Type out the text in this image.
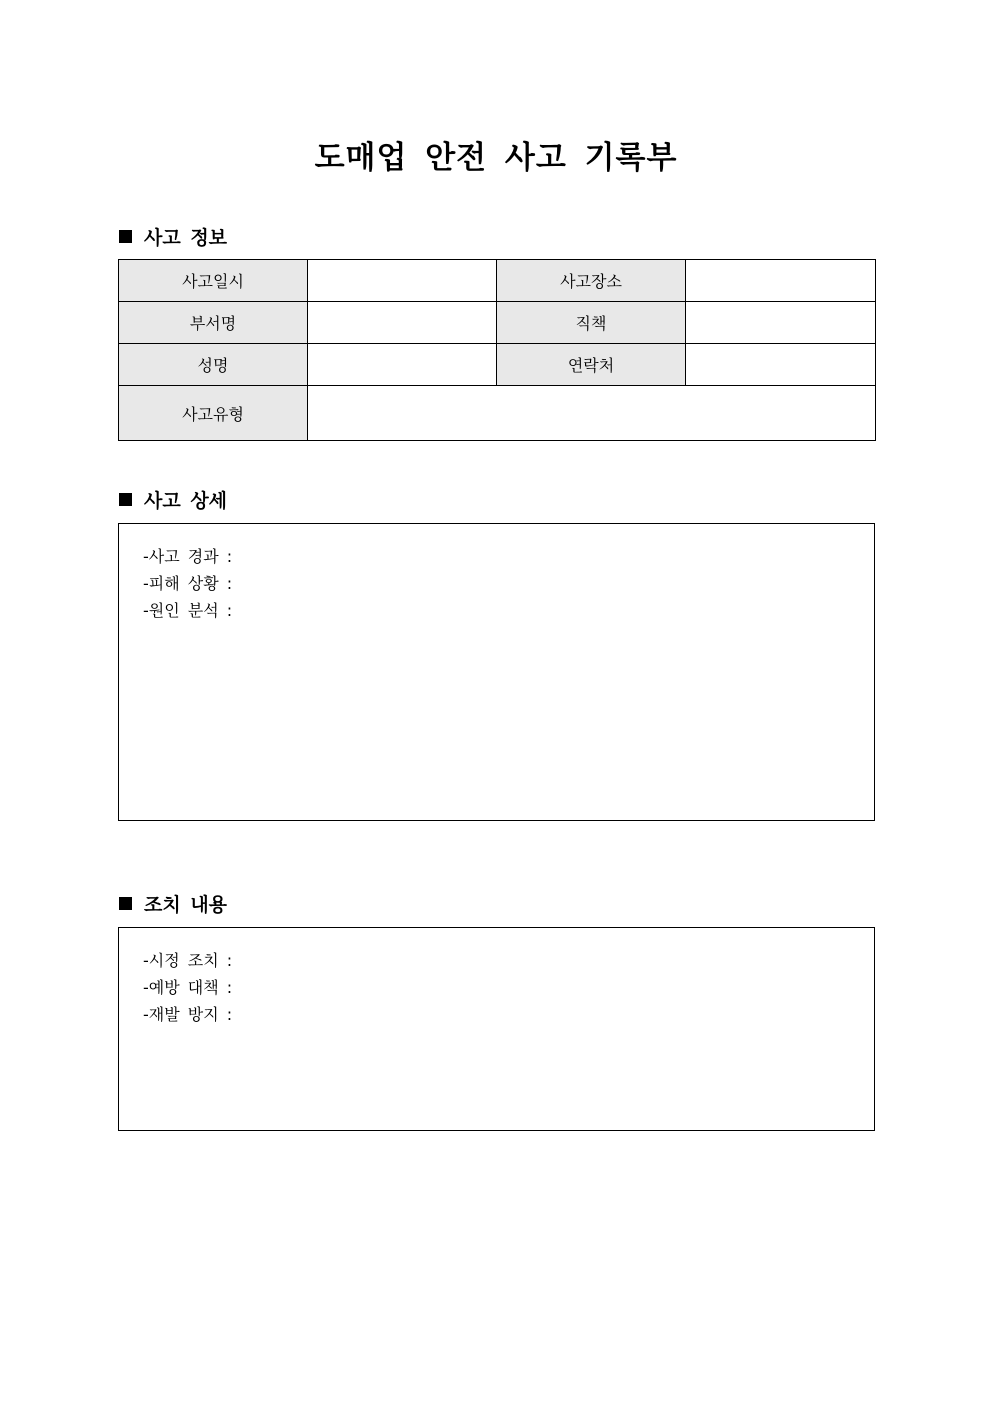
도매업 안전 사고 기록부
사고 정보
사고일시		사고장소	
부서명		직책	
성명		연락처	
사고유형			
사고 상세
-사고 경과 :
-피해 상황 :
-원인 분석 :
조치 내용
-시정 조치 :
-예방 대책 :
-재발 방지 :
